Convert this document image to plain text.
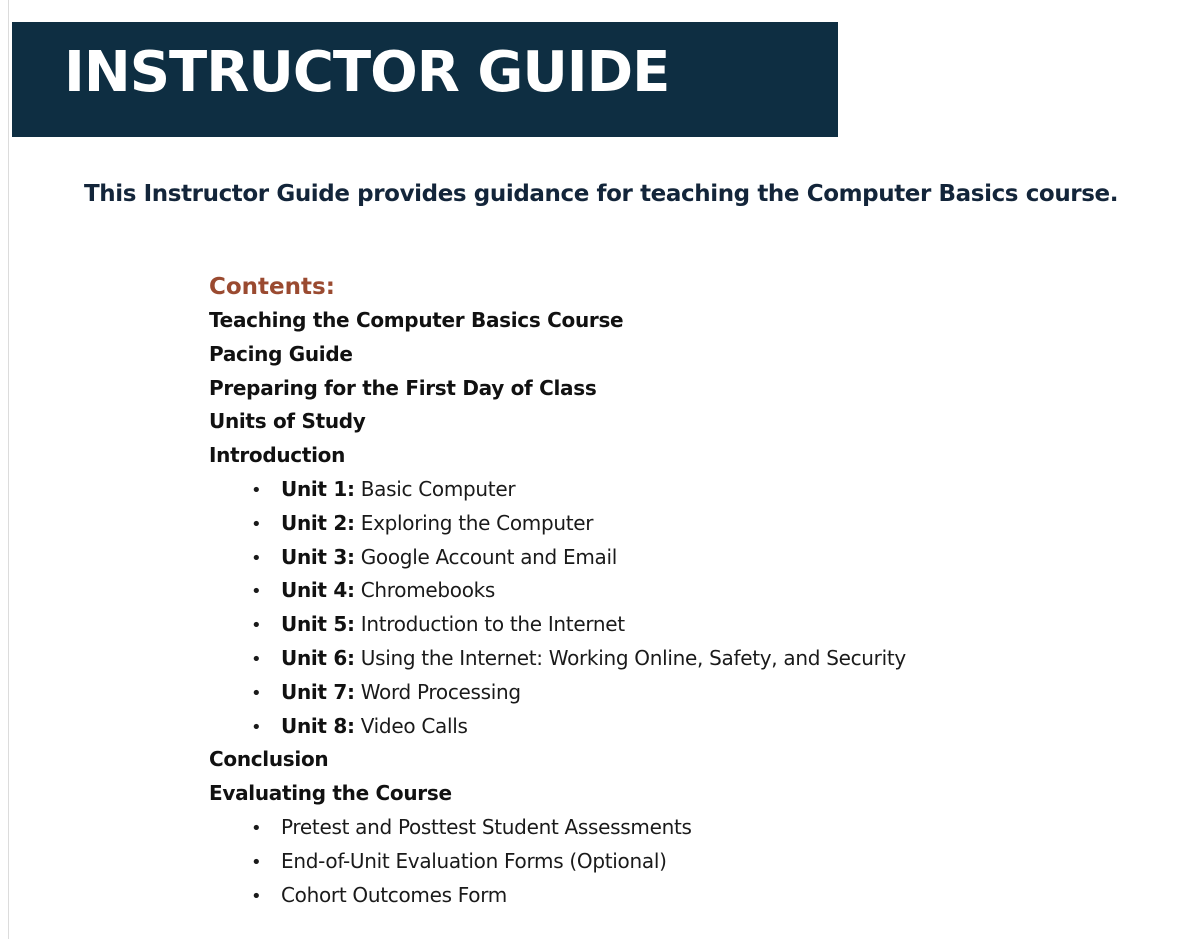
INSTRUCTOR GUIDE

This Instructor Guide provides guidance for teaching the Computer Basics course.

Contents:
Teaching the Computer Basics Course
Pacing Guide
Preparing for the First Day of Class
Units of Study
Introduction
• Unit 1: Basic Computer
• Unit 2: Exploring the Computer
• Unit 3: Google Account and Email
• Unit 4: Chromebooks
• Unit 5: Introduction to the Internet
• Unit 6: Using the Internet: Working Online, Safety, and Security
• Unit 7: Word Processing
• Unit 8: Video Calls
Conclusion
Evaluating the Course
• Pretest and Posttest Student Assessments
• End-of-Unit Evaluation Forms (Optional)
• Cohort Outcomes Form
